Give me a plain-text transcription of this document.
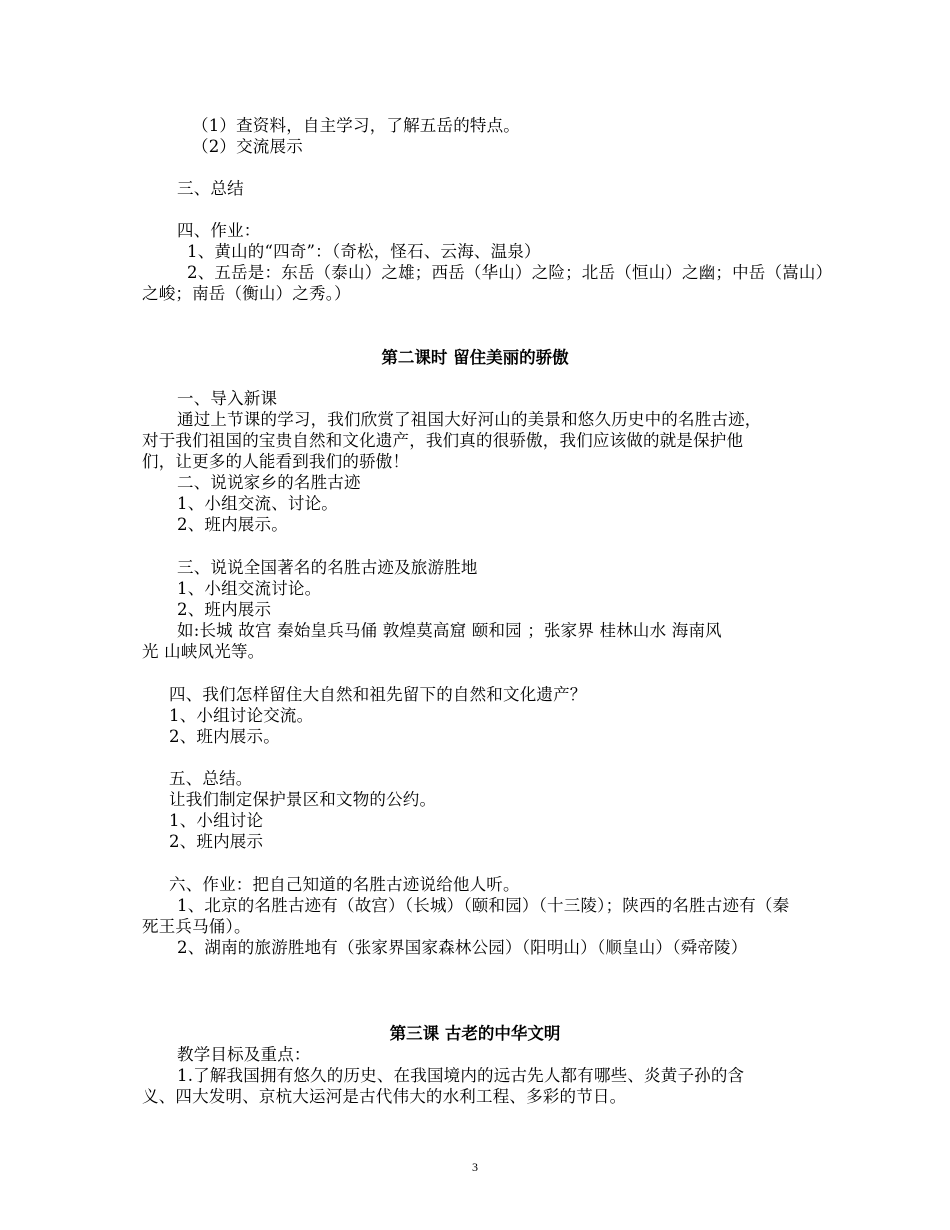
（1）查资料，自主学习，了解五岳的特点。
（2）交流展示
三、总结
四、作业：
1、黄山的“四奇”：（奇松，怪石、云海、温泉）
2、五岳是：东岳（泰山）之雄；西岳（华山）之险；北岳（恒山）之幽；中岳（嵩山）
之峻；南岳（衡山）之秀。）
第二课时 留住美丽的骄傲
一、导入新课
通过上节课的学习，我们欣赏了祖国大好河山的美景和悠久历史中的名胜古迹，
对于我们祖国的宝贵自然和文化遗产，我们真的很骄傲，我们应该做的就是保护他
们，让更多的人能看到我们的骄傲！
二、说说家乡的名胜古迹
1、小组交流、讨论。
2、班内展示。
三、说说全国著名的名胜古迹及旅游胜地
1、小组交流讨论。
2、班内展示
如:长城 故宫 秦始皇兵马俑 敦煌莫高窟 颐和园 ；张家界 桂林山水 海南风
光 山峡风光等。
四、我们怎样留住大自然和祖先留下的自然和文化遗产？
1、小组讨论交流。
2、班内展示。
五、总结。
让我们制定保护景区和文物的公约。
1、小组讨论
2、班内展示
六、作业：把自己知道的名胜古迹说给他人听。
1、北京的名胜古迹有（故宫）（长城）（颐和园）（十三陵）；陕西的名胜古迹有（秦
死王兵马俑）。
2、湖南的旅游胜地有（张家界国家森林公园）（阳明山）（顺皇山）（舜帝陵）
第三课 古老的中华文明
教学目标及重点：
1.了解我国拥有悠久的历史、在我国境内的远古先人都有哪些、炎黄子孙的含
义、四大发明、京杭大运河是古代伟大的水利工程、多彩的节日。
3
